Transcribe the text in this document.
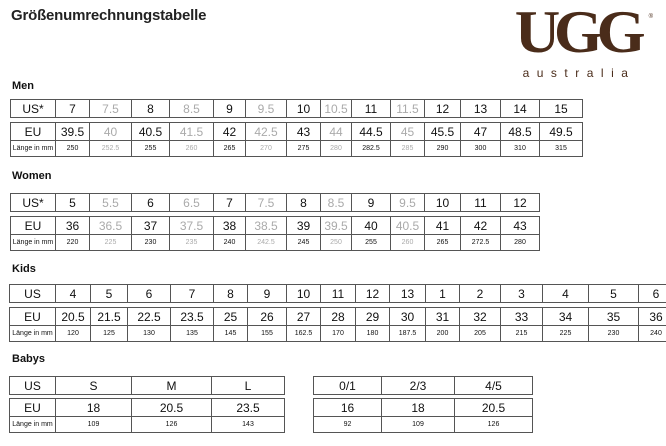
Größenumrechnungstabelle	UGG	®
australia
Men
US*	7	7.5	8	8.5	9	9.5	10	10.5	11	11.5	12	13	14	15
EU	39.5	40	40.5	41.5	42	42.5	43	44	44.5	45	45.5	47	48.5	49.5
Länge in mm	250	252.5	255	260	265	270	275	280	282.5	285	290	300	310	315
Women
US*	5	5.5	6	6.5	7	7.5	8	8.5	9	9.5	10	11	12
EU	36	36.5	37	37.5	38	38.5	39	39.5	40	40.5	41	42	43
Länge in mm	220	225	230	235	240	242.5	245	250	255	260	265	272.5	280
Kids
US	4	5	6	7	8	9	10	11	12	13	1	2	3	4	5	6
EU	20.5	21.5	22.5	23.5	25	26	27	28	29	30	31	32	33	34	35	36
Länge in mm	120	125	130	135	145	155	162.5	170	180	187.5	200	205	215	225	230	240
Babys
US	S	M	L
EU	18	20.5	23.5
Länge in mm	109	126	143
0/1	2/3	4/5
16	18	20.5
92	109	126
